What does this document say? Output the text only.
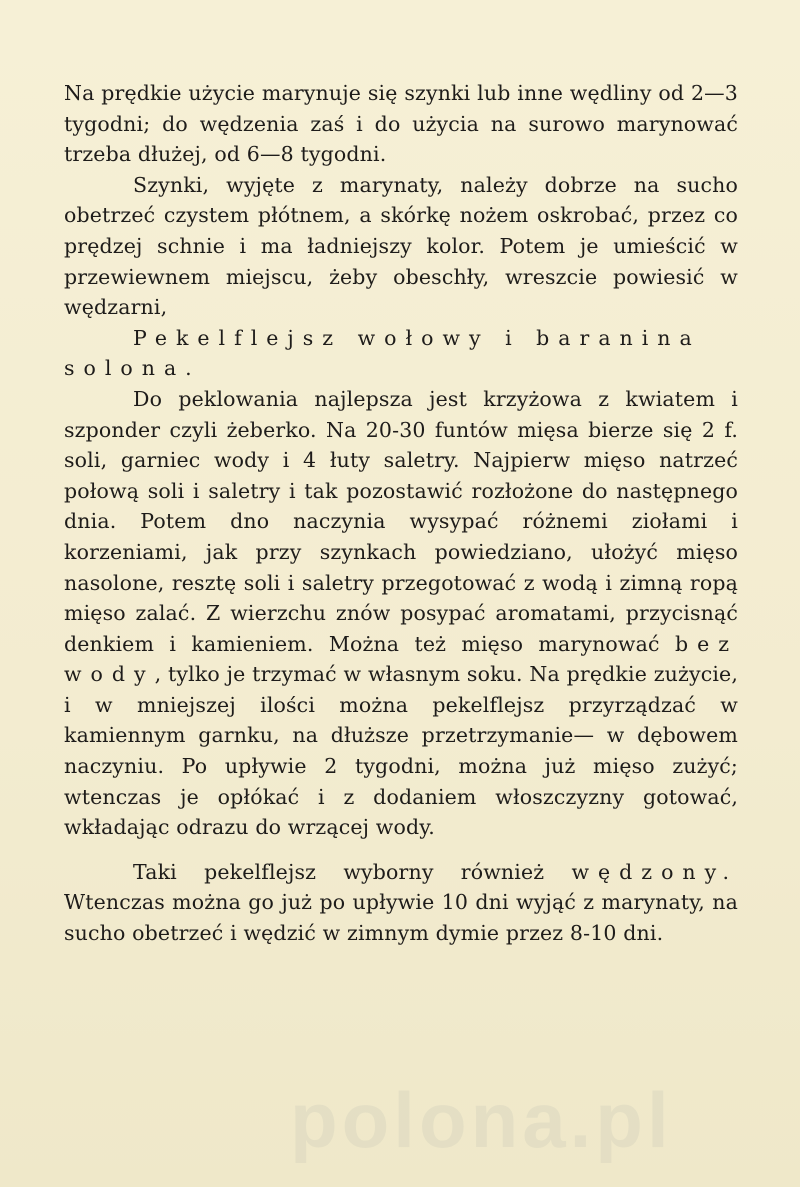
Na prędkie użycie marynuje się szynki lub inne wędliny od 2—3 tygodni; do wędzenia zaś i do użycia na surowo marynować trzeba dłużej, od 6—8 tygodni.

Szynki, wyjęte z marynaty, należy dobrze na sucho obetrzeć czystem płótnem, a skórkę nożem oskrobać, przez co prędzej schnie i ma ładniejszy kolor. Potem je umieścić w przewiewnem miejscu, żeby obeschły, wreszcie powiesić w wędzarni,

Pekelflejsz wołowy i baranina solona.

Do peklowania najlepsza jest krzyżowa z kwiatem i szponder czyli żeberko. Na 20-30 funtów mięsa bierze się 2 f. soli, garniec wody i 4 łuty saletry. Najpierw mięso natrzeć połową soli i saletry i tak pozostawić rozłożone do następnego dnia. Potem dno naczynia wysypać różnemi ziołami i korzeniami, jak przy szynkach powiedziano, ułożyć mięso nasolone, resztę soli i saletry przegotować z wodą i zimną ropą mięso zalać. Z wierzchu znów posypać aromatami, przycisnąć denkiem i kamieniem. Można też mięso marynować bez wody, tylko je trzymać w własnym soku. Na prędkie zużycie, i w mniejszej ilości można pekelflejsz przyrządzać w kamiennym garnku, na dłuższe przetrzymanie— w dębowem naczyniu. Po upływie 2 tygodni, można już mięso zużyć; wtenczas je opłókać i z dodaniem włoszczyzny gotować, wkładając odrazu do wrzącej wody.

Taki pekelflejsz wyborny również wędzony. Wtenczas można go już po upływie 10 dni wyjąć z marynaty, na sucho obetrzeć i wędzić w zimnym dymie przez 8-10 dni.

polona.pl
